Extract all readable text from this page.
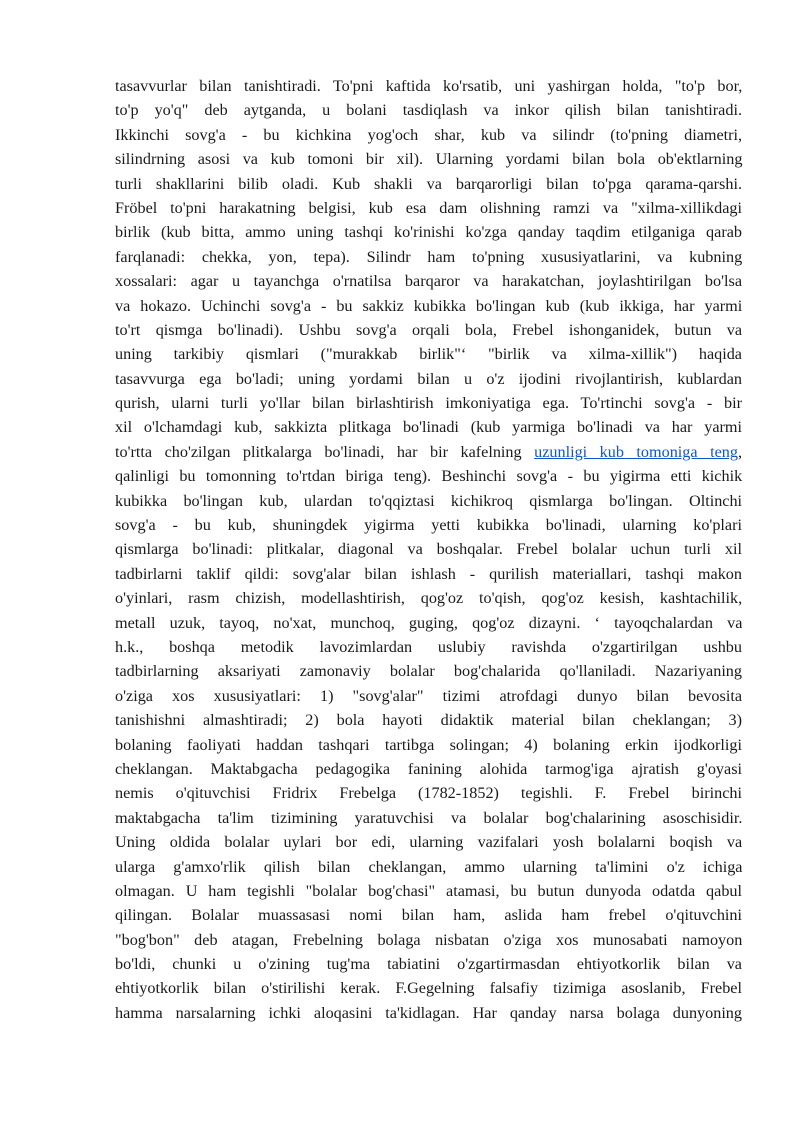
tasavvurlar bilan tanishtiradi. To'pni kaftida ko'rsatib, uni yashirgan holda, "to'p bor,
to'p yo'q" deb aytganda, u bolani tasdiqlash va inkor qilish bilan tanishtiradi.
Ikkinchi sovg'a - bu kichkina yog'och shar, kub va silindr (to'pning diametri,
silindrning asosi va kub tomoni bir xil). Ularning yordami bilan bola ob'ektlarning
turli shakllarini bilib oladi. Kub shakli va barqarorligi bilan to'pga qarama-qarshi.
Fröbel to'pni harakatning belgisi, kub esa dam olishning ramzi va "xilma-xillikdagi
birlik (kub bitta, ammo uning tashqi ko'rinishi ko'zga qanday taqdim etilganiga qarab
farqlanadi: chekka, yon, tepa). Silindr ham to'pning xususiyatlarini, va kubning
xossalari: agar u tayanchga o'rnatilsa barqaror va harakatchan, joylashtirilgan bo'lsa
va hokazo. Uchinchi sovg'a - bu sakkiz kubikka bo'lingan kub (kub ikkiga, har yarmi
to'rt qismga bo'linadi). Ushbu sovg'a orqali bola, Frebel ishonganidek, butun va
uning tarkibiy qismlari ("murakkab birlik"‘ "birlik va xilma-xillik") haqida
tasavvurga ega bo'ladi; uning yordami bilan u o'z ijodini rivojlantirish, kublardan
qurish, ularni turli yo'llar bilan birlashtirish imkoniyatiga ega. To'rtinchi sovg'a - bir
xil o'lchamdagi kub, sakkizta plitkaga bo'linadi (kub yarmiga bo'linadi va har yarmi
to'rtta cho'zilgan plitkalarga bo'linadi, har bir kafelning uzunligi kub tomoniga teng,
qalinligi bu tomonning to'rtdan biriga teng). Beshinchi sovg'a - bu yigirma etti kichik
kubikka bo'lingan kub, ulardan to'qqiztasi kichikroq qismlarga bo'lingan. Oltinchi
sovg'a - bu kub, shuningdek yigirma yetti kubikka bo'linadi, ularning ko'plari
qismlarga bo'linadi: plitkalar, diagonal va boshqalar. Frebel bolalar uchun turli xil
tadbirlarni taklif qildi: sovg'alar bilan ishlash - qurilish materiallari, tashqi makon
o'yinlari, rasm chizish, modellashtirish, qog'oz to'qish, qog'oz kesish, kashtachilik,
metall uzuk, tayoq, no'xat, munchoq, guging, qog'oz dizayni. ‘ tayoqchalardan va
h.k., boshqa metodik lavozimlardan uslubiy ravishda o'zgartirilgan ushbu
tadbirlarning aksariyati zamonaviy bolalar bog'chalarida qo'llaniladi. Nazariyaning
o'ziga xos xususiyatlari: 1) "sovg'alar" tizimi atrofdagi dunyo bilan bevosita
tanishishni almashtiradi; 2) bola hayoti didaktik material bilan cheklangan; 3)
bolaning faoliyati haddan tashqari tartibga solingan; 4) bolaning erkin ijodkorligi
cheklangan. Maktabgacha pedagogika fanining alohida tarmog'iga ajratish g'oyasi
nemis o'qituvchisi Fridrix Frebelga (1782-1852) tegishli. F. Frebel birinchi
maktabgacha ta'lim tizimining yaratuvchisi va bolalar bog'chalarining asoschisidir.
Uning oldida bolalar uylari bor edi, ularning vazifalari yosh bolalarni boqish va
ularga g'amxo'rlik qilish bilan cheklangan, ammo ularning ta'limini o'z ichiga
olmagan. U ham tegishli "bolalar bog'chasi" atamasi, bu butun dunyoda odatda qabul
qilingan. Bolalar muassasasi nomi bilan ham, aslida ham frebel o'qituvchini
"bog'bon" deb atagan, Frebelning bolaga nisbatan o'ziga xos munosabati namoyon
bo'ldi, chunki u o'zining tug'ma tabiatini o'zgartirmasdan ehtiyotkorlik bilan va
ehtiyotkorlik bilan o'stirilishi kerak. F.Gegelning falsafiy tizimiga asoslanib, Frebel
hamma narsalarning ichki aloqasini ta'kidlagan. Har qanday narsa bolaga dunyoning
